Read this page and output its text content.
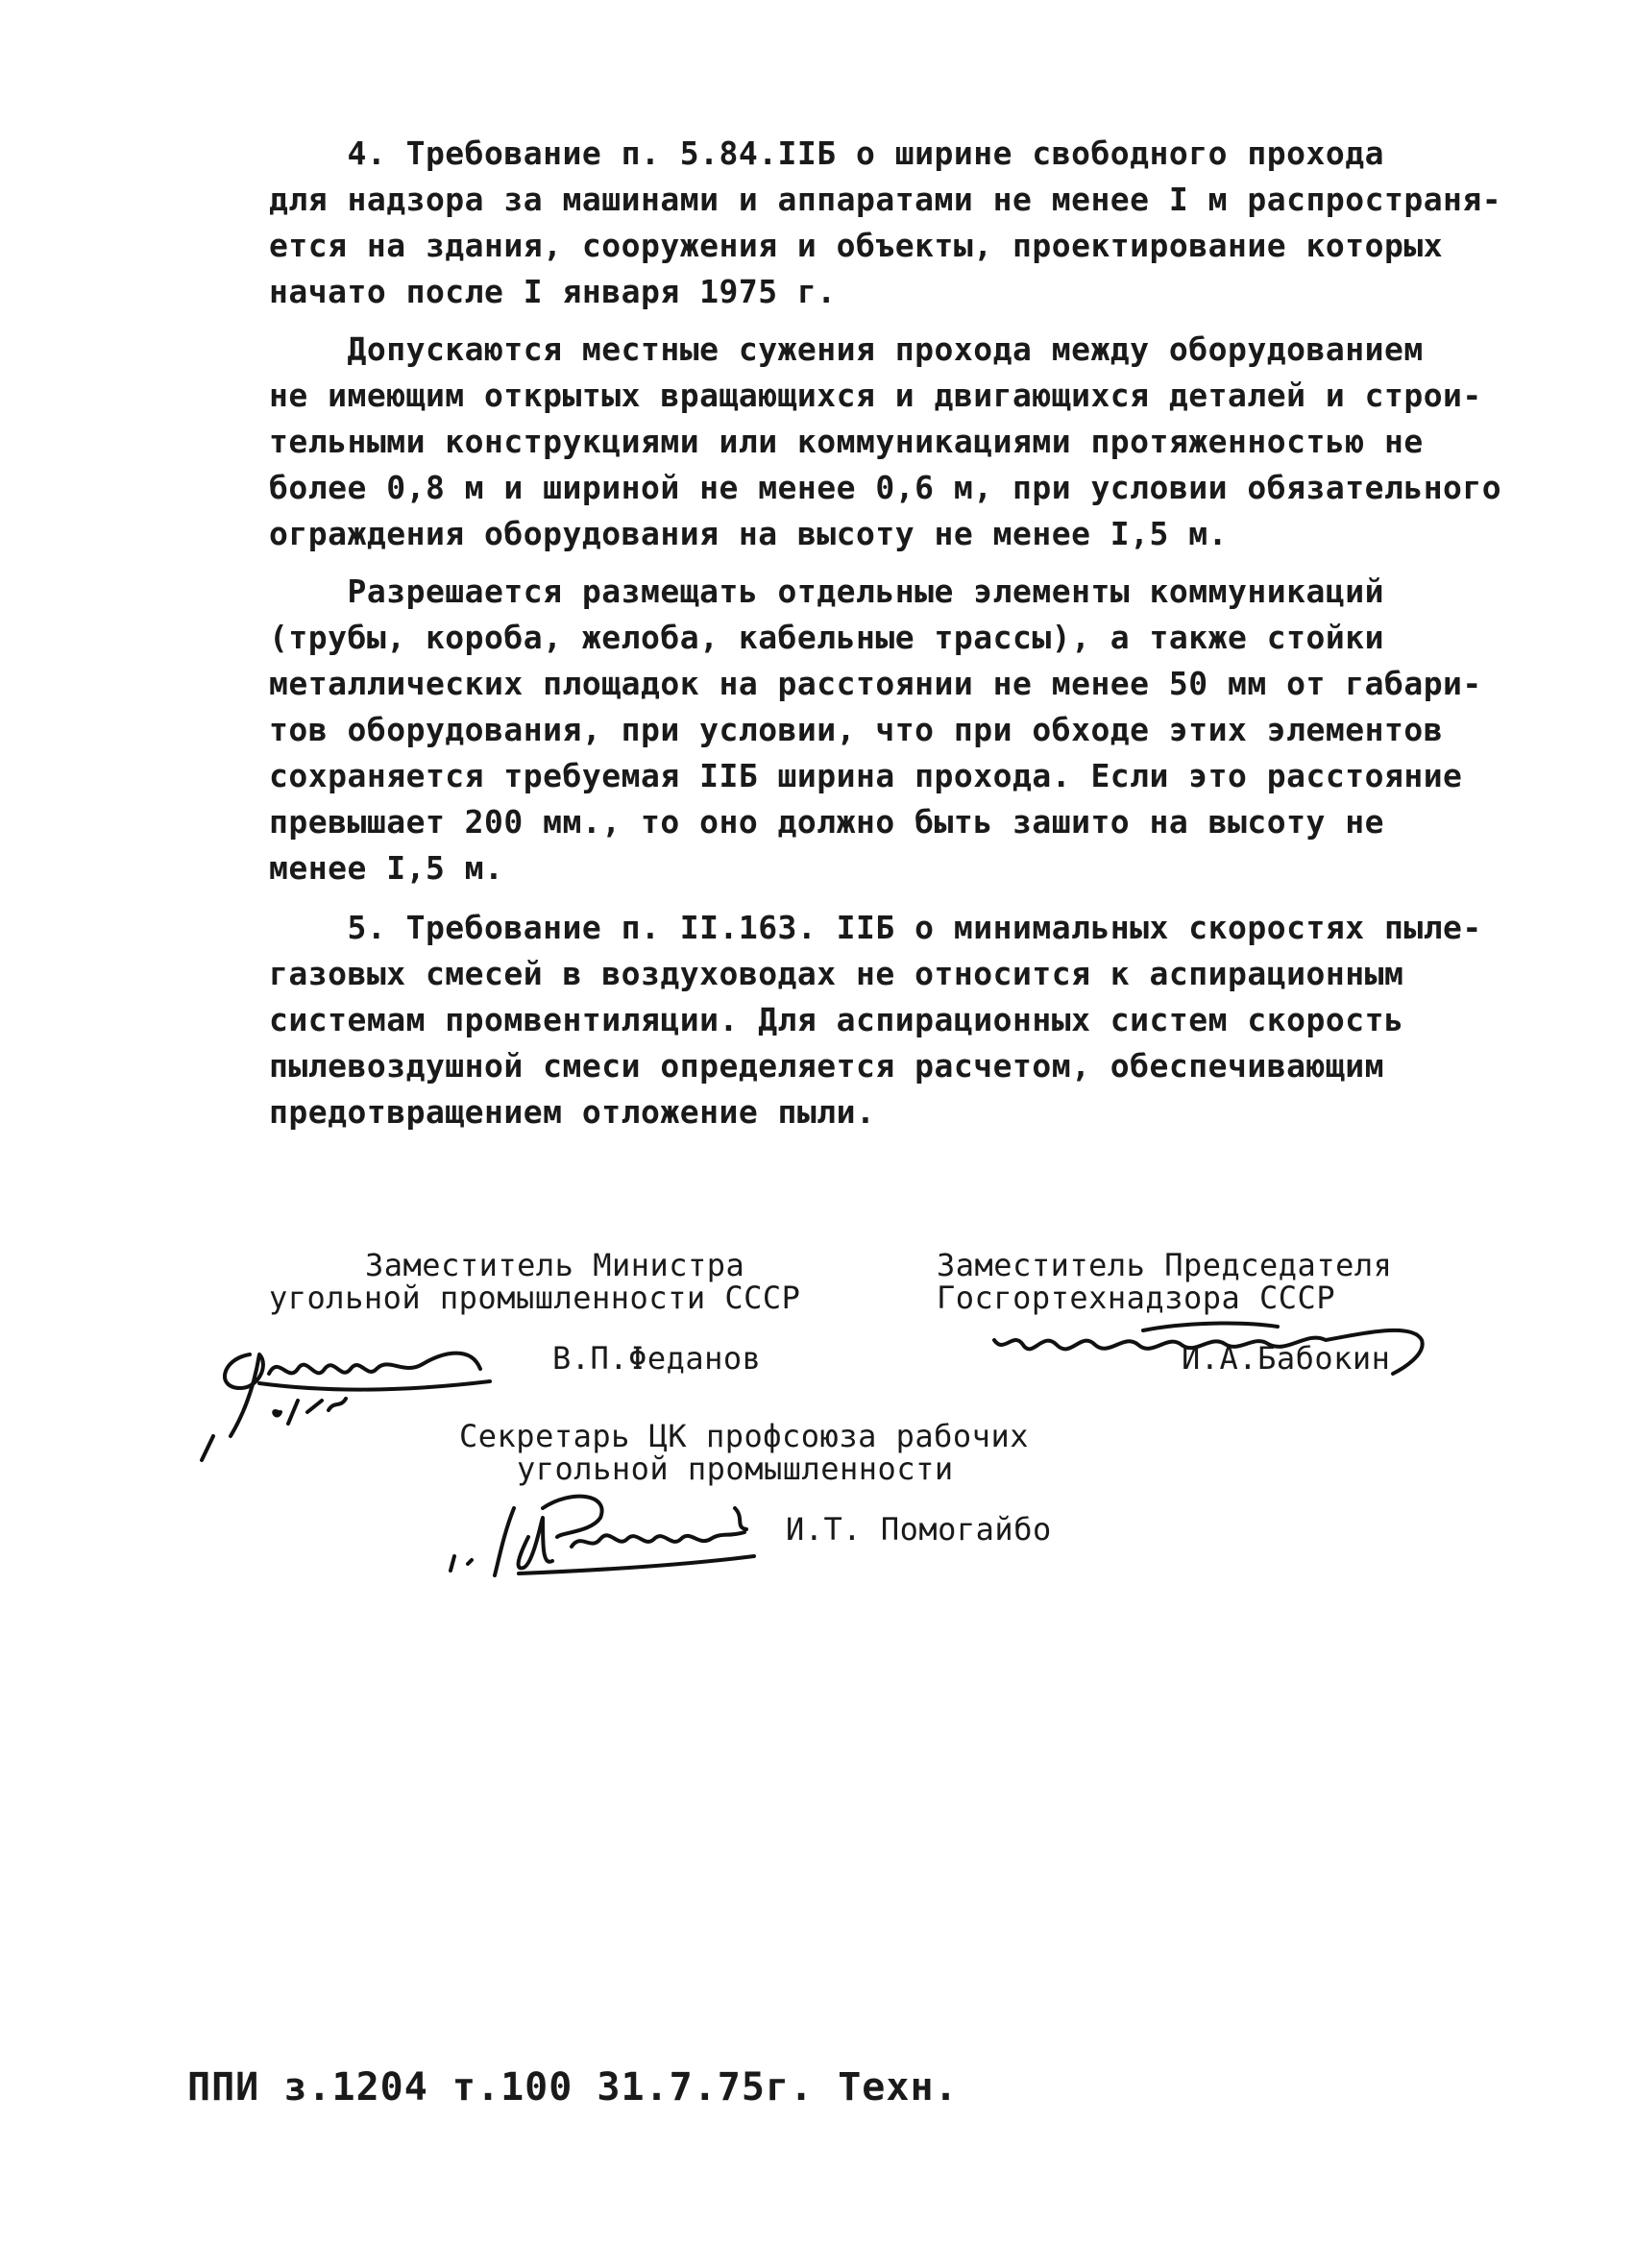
4. Требование п. 5.84.IIБ о ширине свободного прохода
для надзора за машинами и аппаратами не менее I м распространя-
ется на здания, сооружения и объекты, проектирование которых
начато после I января 1975 г.
Допускаются местные сужения прохода между оборудованием
не имеющим открытых вращающихся и двигающихся деталей и строи-
тельными конструкциями или коммуникациями протяженностью не
более 0,8 м и шириной не менее 0,6 м, при условии обязательного
ограждения оборудования на высоту не менее I,5 м.
Разрешается размещать отдельные элементы коммуникаций
(трубы, короба, желоба, кабельные трассы), а также стойки
металлических площадок на расстоянии не менее 50 мм от габари-
тов оборудования, при условии, что при обходе этих элементов
сохраняется требуемая IIБ ширина прохода. Если это расстояние
превышает 200 мм., то оно должно быть зашито на высоту не
менее I,5 м.
5. Требование п. II.163. IIБ о минимальных скоростях пыле-
газовых смесей в воздуховодах не относится к аспирационным
системам промвентиляции. Для аспирационных систем скорость
пылевоздушной смеси определяется расчетом, обеспечивающим
предотвращением отложение пыли.
Заместитель Министра
угольной промышленности СССР
В.П.Φеданов
Заместитель Председателя
Госгортехнадзора СССР
И.А.Бабокин
Секретарь ЦК профсоюза рабочих
угольной промышленности
И.Т. Помогайбо
ППИ з.1204 т.100 31.7.75г. Техн.
